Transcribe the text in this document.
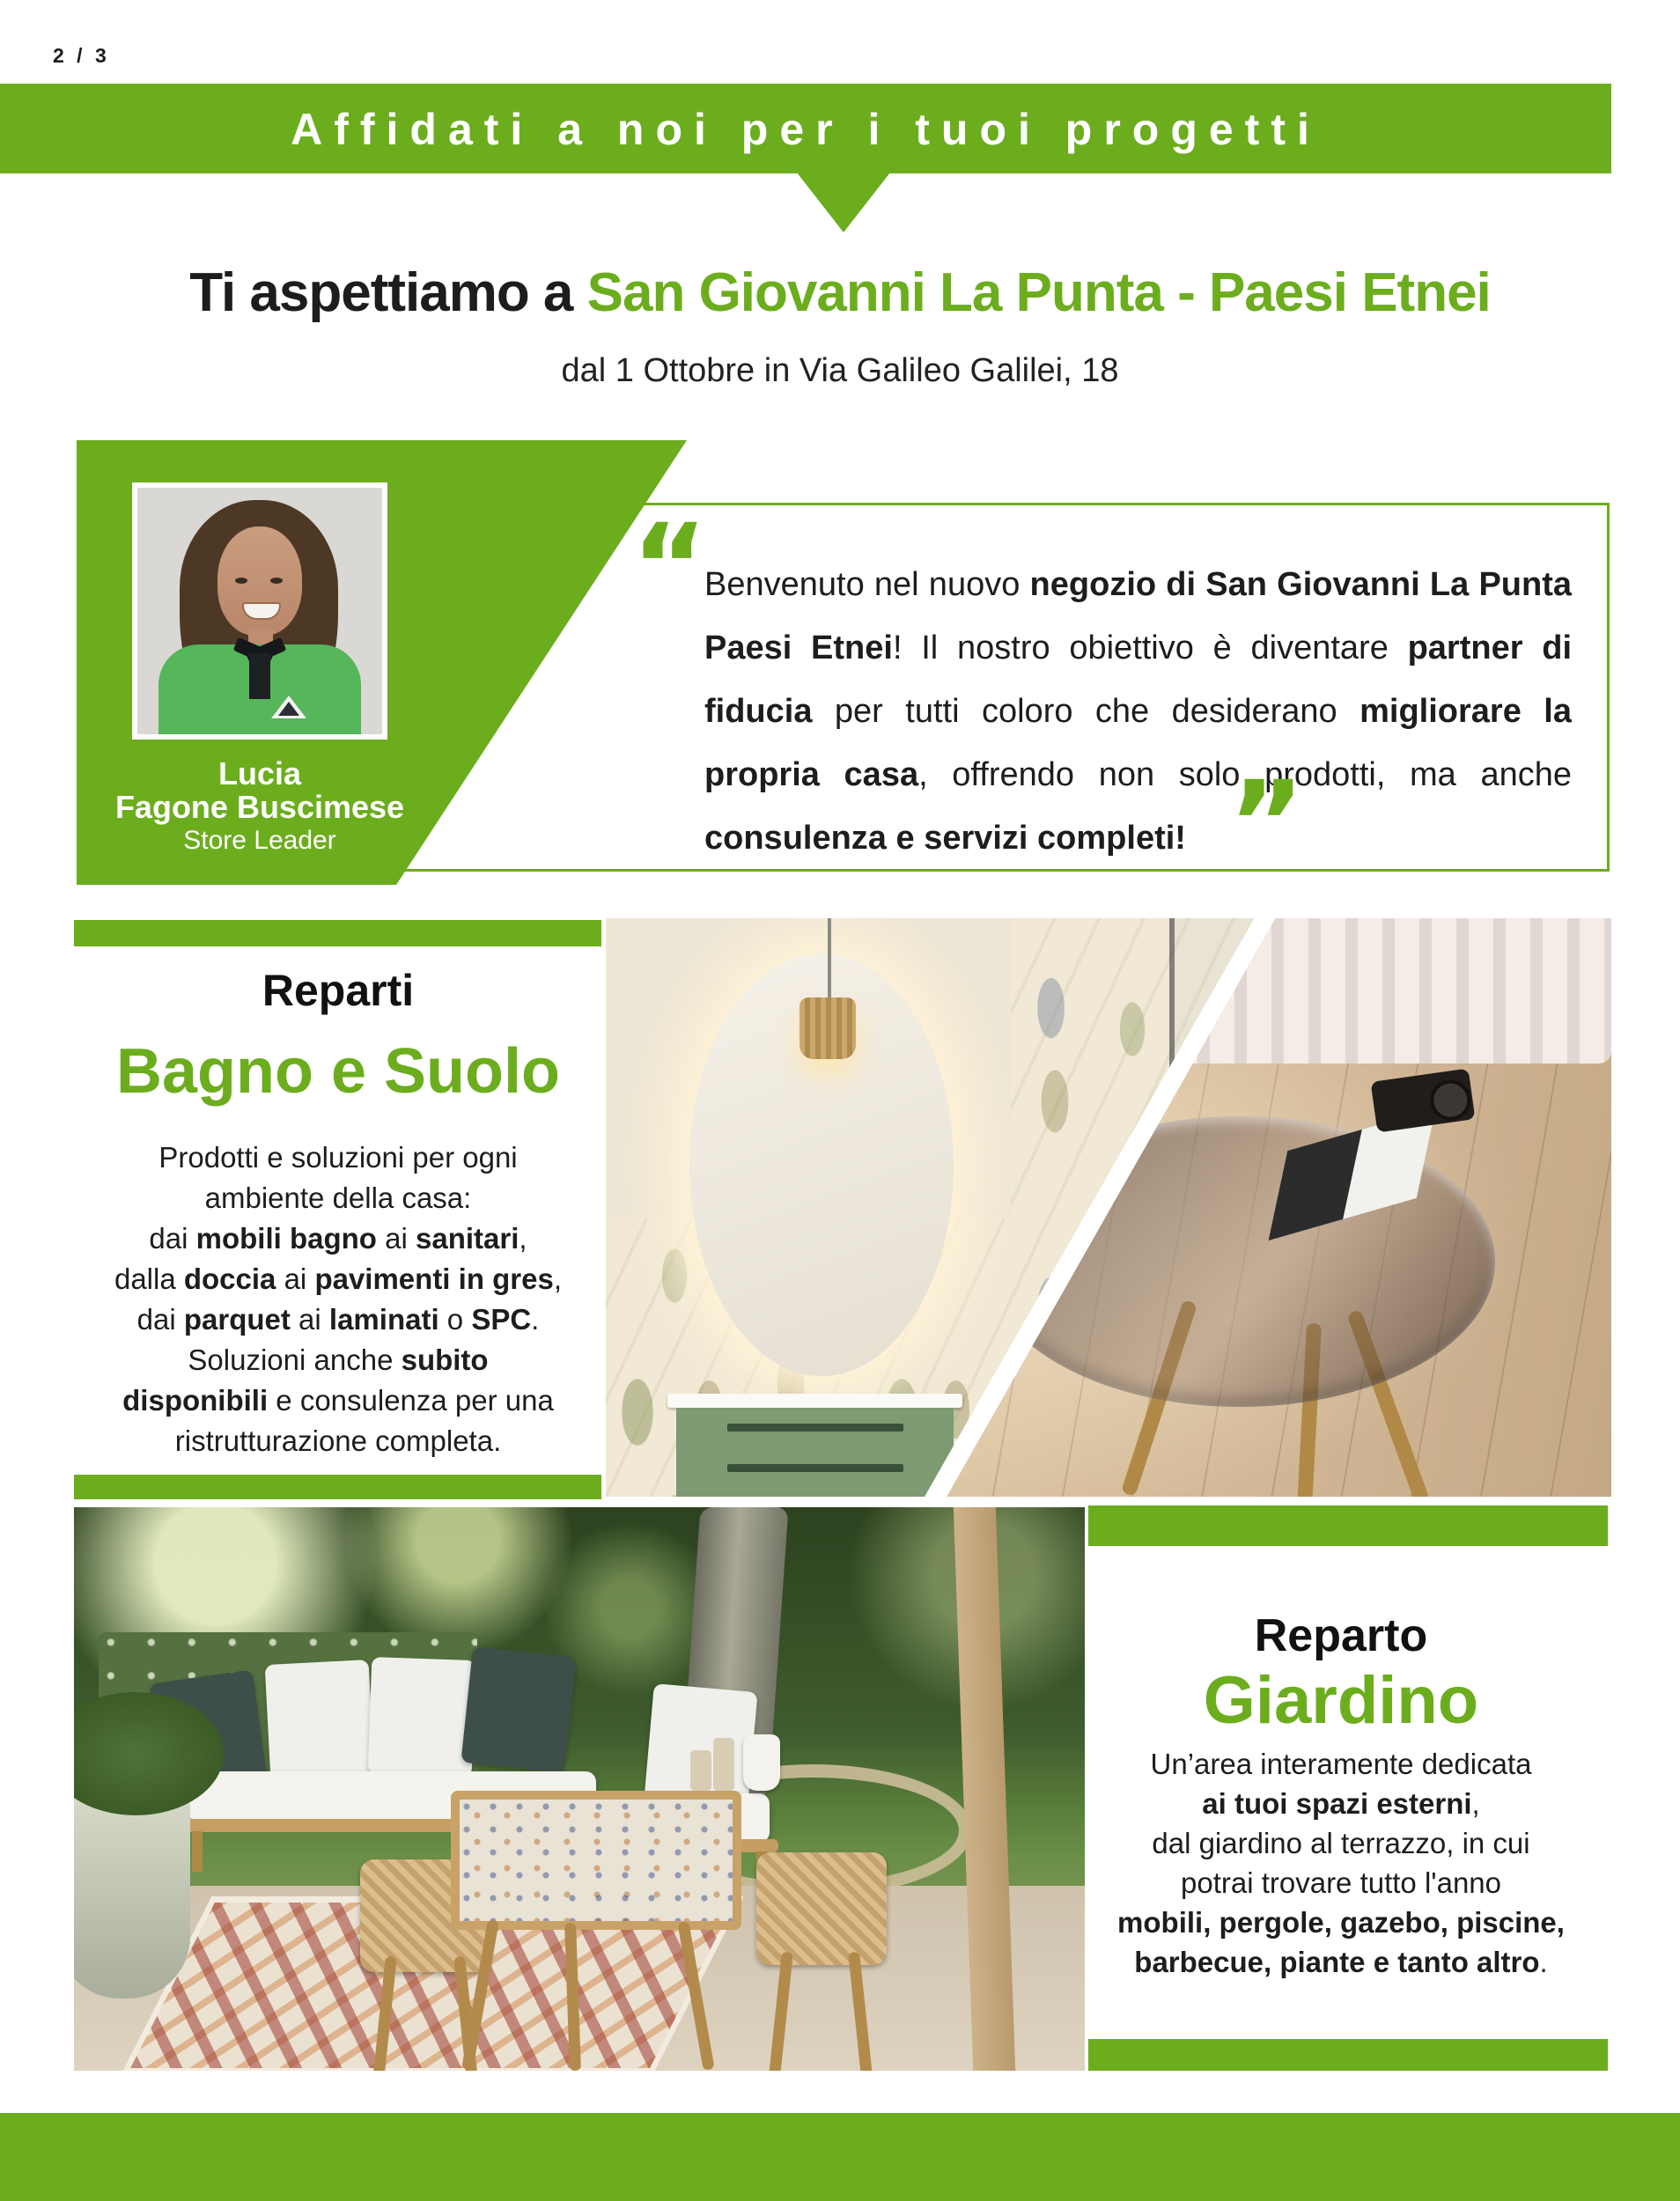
2 / 3
Affidati a noi per i tuoi progetti
Ti aspettiamo a San Giovanni La Punta - Paesi Etnei
dal 1 Ottobre in Via Galileo Galilei, 18
“
Benvenuto nel nuovo negozio di San Giovanni La Punta
Paesi Etnei! Il nostro obiettivo è diventare partner di
fiducia per tutti coloro che desiderano migliorare la
propria casa, offrendo non solo prodotti, ma anche
consulenza e servizi completi! ”
Lucia
Fagone Buscimese
Store Leader
Reparti
Bagno e Suolo
Prodotti e soluzioni per ogni
ambiente della casa:
dai mobili bagno ai sanitari,
dalla doccia ai pavimenti in gres,
dai parquet ai laminati o SPC.
Soluzioni anche subito
disponibili e consulenza per una
ristrutturazione completa.
Reparto
Giardino
Un’area interamente dedicata
ai tuoi spazi esterni,
dal giardino al terrazzo, in cui
potrai trovare tutto l'anno
mobili, pergole, gazebo, piscine,
barbecue, piante e tanto altro.
